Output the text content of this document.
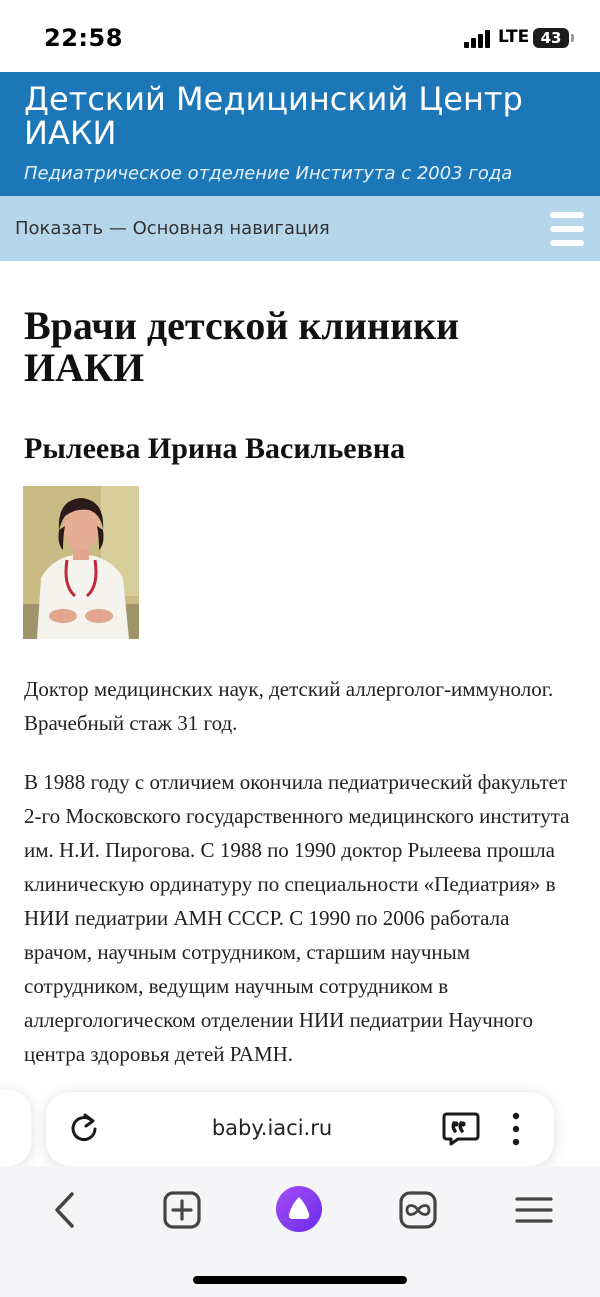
22:58	LTE 43
Детский Медицинский Центр ИАКИ
Педиатрическое отделение Института с 2003 года
Показать — Основная навигация
Врачи детской клиники ИАКИ
Рылеева Ирина Васильевна

Доктор медицинских наук, детский аллерголог-иммунолог. Врачебный стаж 31 год.

В 1988 году с отличием окончила педиатрический факультет 2-го Московского государственного медицинского института им. Н.И. Пирогова. С 1988 по 1990 доктор Рылеева прошла клиническую ординатуру по специальности «Педиатрия» в НИИ педиатрии АМН СССР. С 1990 по 2006 работала врачом, научным сотрудником, старшим научным сотрудником, ведущим научным сотрудником в аллергологическом отделении НИИ педиатрии Научного центра здоровья детей РАМН.

baby.iaci.ru
